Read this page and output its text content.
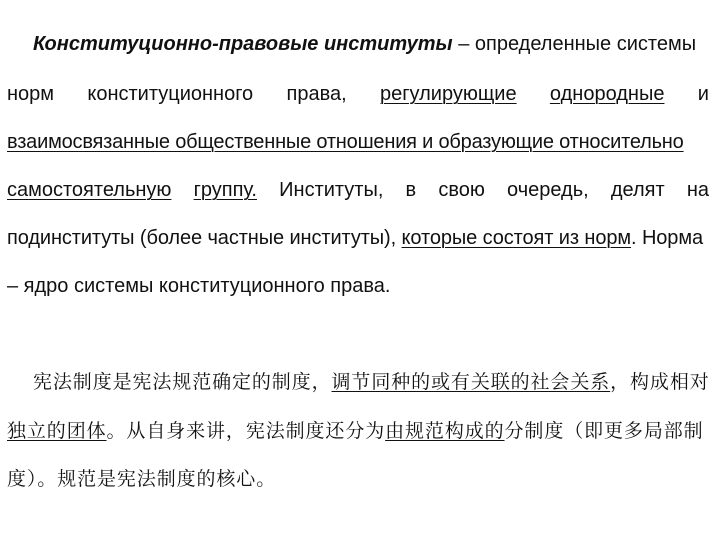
Конституционно-правовые институты – определенные системы
норм конституционного права, регулирующие однородные и
взаимосвязанные общественные отношения и образующие относительно
самостоятельную группу. Институты, в свою очередь, делят на
подинституты (более частные институты), которые состоят из норм. Норма
– ядро системы конституционного права.
宪法制度是宪法规范确定的制度，调节同种的或有关联的社会关系，构成相对
独立的团体。从自身来讲，宪法制度还分为由规范构成的分制度（即更多局部制
度）。规范是宪法制度的核心。
